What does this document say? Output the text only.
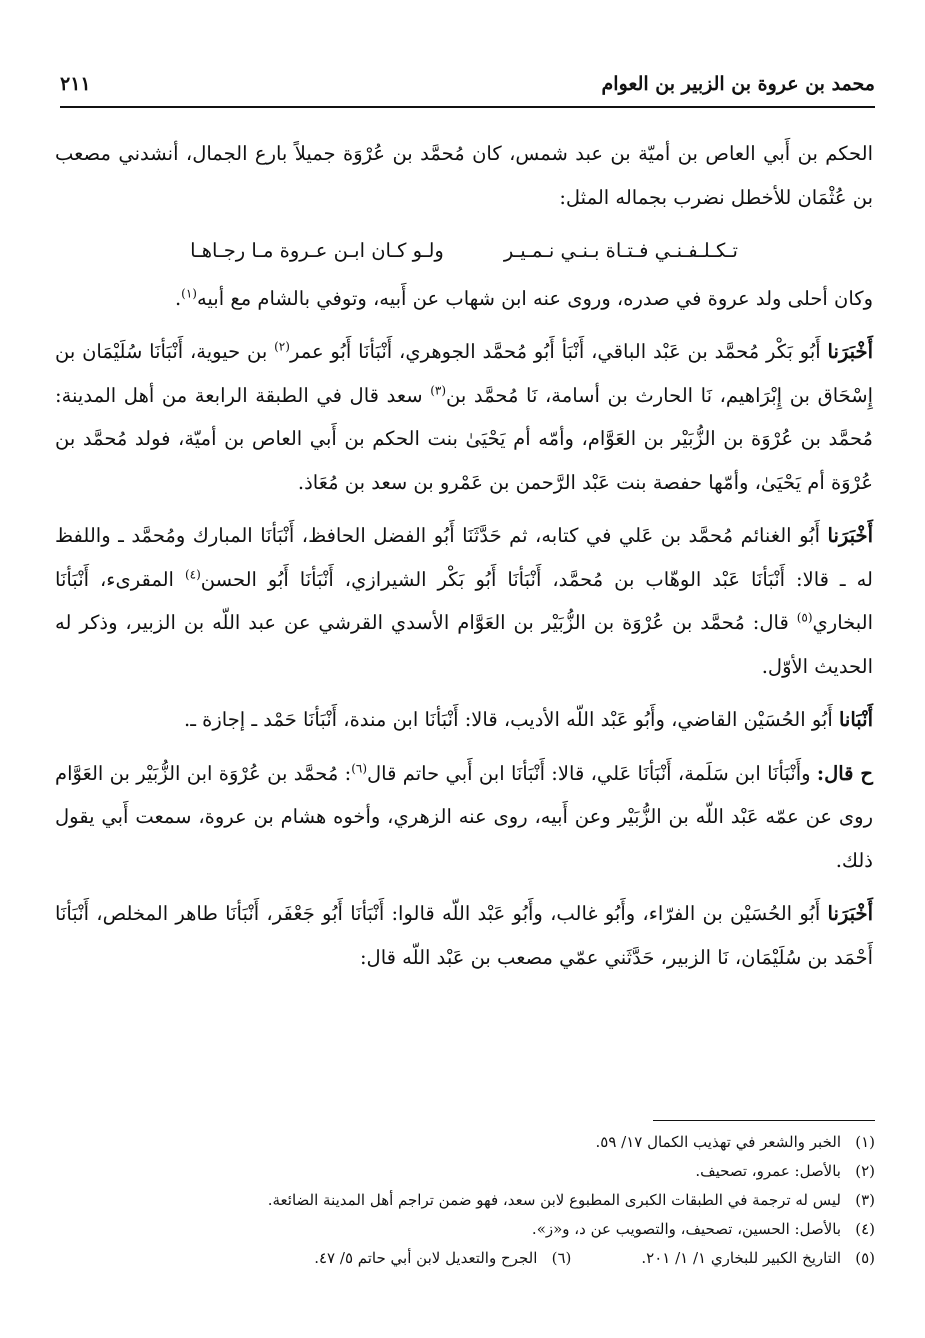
محمد بن عروة بن الزبير بن العوام
٢١١

الحكم بن أَبي العاص بن أميّة بن عبد شمس، كان مُحمَّد بن عُرْوَة جميلاً بارع الجمال، أنشدني مصعب بن عُثْمَان للأخطل نضرب بجماله المثل:

تـكـلـفـنـي فـتـاة بـنـي نـمـيـر
ولـو كـان ابـن عـروة مـا رجـاهـا

وكان أحلى ولد عروة في صدره، وروى عنه ابن شهاب عن أَبيه، وتوفي بالشام مع أبيه$^{(١)}$.

أَخْبَرَنا أَبُو بَكْر مُحمَّد بن عَبْد الباقي، أَنْبَأ أَبُو مُحمَّد الجوهري، أَنْبَأنَا أَبُو عمر$^{(٢)}$ بن حيوية، أَنْبَأنَا سُلَيْمَان بن إِسْحَاق بن إِبْرَاهيم، نَا الحارث بن أسامة، نَا مُحمَّد بن$^{(٣)}$ سعد قال في الطبقة الرابعة من أهل المدينة: مُحمَّد بن عُرْوَة بن الزُّبَيْر بن العَوَّام، وأمّه أم يَحْيَىٰ بنت الحكم بن أَبي العاص بن أميّة، فولد مُحمَّد بن عُرْوَة أم يَحْيَىٰ، وأمّها حفصة بنت عَبْد الرَّحمن بن عَمْرو بن سعد بن مُعَاذ.

أَخْبَرَنا أَبُو الغنائم مُحمَّد بن عَلي في كتابه، ثم حَدَّثَنَا أَبُو الفضل الحافظ، أَنْبَأنَا المبارك ومُحمَّد ـ واللفظ له ـ قالا: أَنْبَأنَا عَبْد الوهّاب بن مُحمَّد، أَنْبَأنَا أَبُو بَكْر الشيرازي، أَنْبَأنَا أَبُو الحسن$^{(٤)}$ المقرىء، أَنْبَأنَا البخاري$^{(٥)}$ قال: مُحمَّد بن عُرْوَة بن الزُّبَيْر بن العَوَّام الأسدي القرشي عن عبد اللّه بن الزبير، وذكر له الحديث الأوّل.

أَنْبَانا أَبُو الحُسَيْن القاضي، وأَبُو عَبْد اللّه الأديب، قالا: أَنْبَأنَا ابن مندة، أَنْبَأنَا حَمْد ـ إجازة ـ.

ح قال: وأَنْبَأنَا ابن سَلَمة، أَنْبَأنَا عَلي، قالا: أَنْبَأنَا ابن أَبي حاتم قال$^{(٦)}$: مُحمَّد بن عُرْوَة ابن الزُّبَيْر بن العَوَّام روى عن عمّه عَبْد اللّه بن الزُّبَيْر وعن أَبيه، روى عنه الزهري، وأخوه هشام بن عروة، سمعت أَبي يقول ذلك.

أَخْبَرَنا أَبُو الحُسَيْن بن الفرّاء، وأَبُو غالب، وأَبُو عَبْد اللّه قالوا: أَنْبَأنَا أَبُو جَعْفَر، أَنْبَأنَا طاهر المخلص، أَنْبَأنَا أَحْمَد بن سُلَيْمَان، نَا الزبير، حَدَّثَني عمّي مصعب بن عَبْد اللّه قال:

(١)
الخبر والشعر في تهذيب الكمال ١٧/ ٥٩.
(٢)
بالأصل: عمرو، تصحيف.
(٣)
ليس له ترجمة في الطبقات الكبرى المطبوع لابن سعد، فهو ضمن تراجم أهل المدينة الضائعة.
(٤)
بالأصل: الحسين، تصحيف، والتصويب عن د، و«ز».
(٥)
التاريخ الكبير للبخاري ١/ ١/ ٢٠١.
(٦)
الجرح والتعديل لابن أبي حاتم ٥/ ٤٧.
